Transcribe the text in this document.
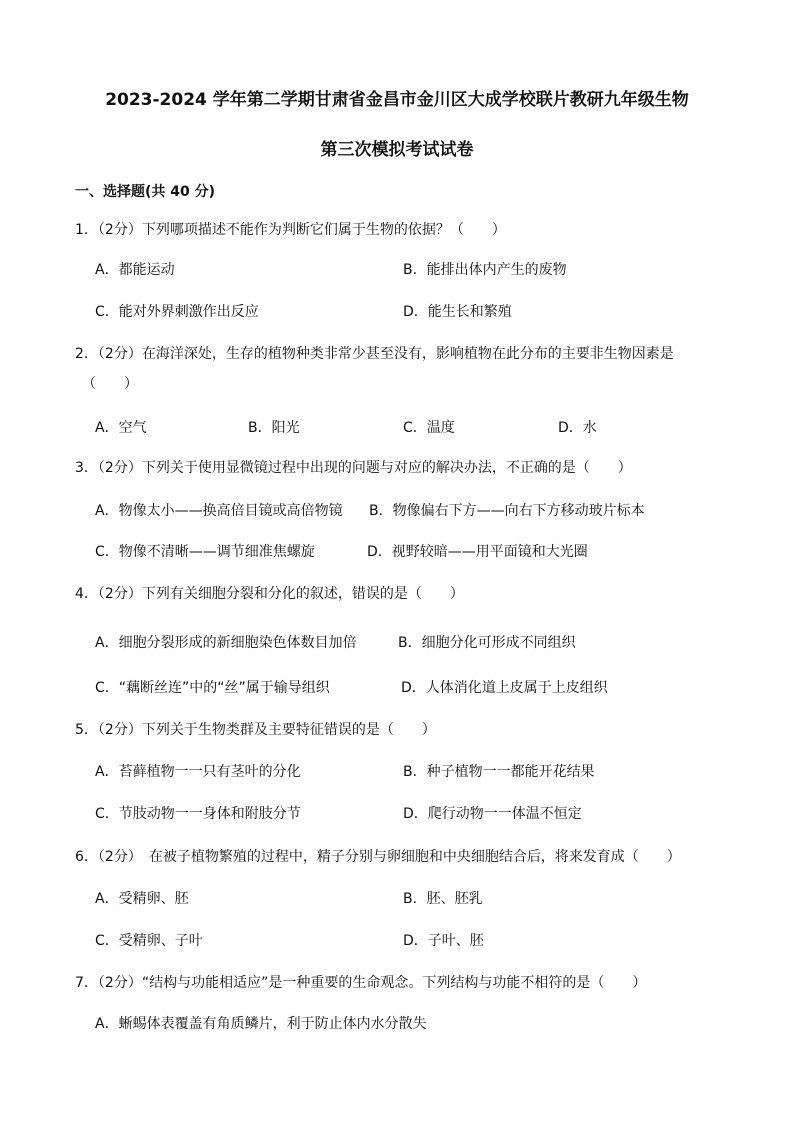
2023-2024 学年第二学期甘肃省金昌市金川区大成学校联片教研九年级生物
第三次模拟考试试卷
一、选择题(共 40 分)
1．（2分）下列哪项描述不能作为判断它们属于生物的依据？（　　）
A．都能运动	B．能排出体内产生的废物
C．能对外界刺激作出反应	D．能生长和繁殖
2．（2分）在海洋深处，生存的植物种类非常少甚至没有，影响植物在此分布的主要非生物因素是
（　　）
A．空气	B．阳光	C．温度	D．水
3．（2分）下列关于使用显微镜过程中出现的问题与对应的解决办法，不正确的是（　　）
A．物像太小——换高倍目镜或高倍物镜 B．物像偏右下方——向右下方移动玻片标本
C．物像不清晰——调节细准焦螺旋	D．视野较暗——用平面镜和大光圈
4．（2分）下列有关细胞分裂和分化的叙述，错误的是（　　）
A．细胞分裂形成的新细胞染色体数目加倍	B．细胞分化可形成不同组织
C．“藕断丝连”中的“丝”属于输导组织	D．人体消化道上皮属于上皮组织
5．（2分）下列关于生物类群及主要特征错误的是（　　）
A．苔藓植物一一只有茎叶的分化	B．种子植物一一都能开花结果
C．节肢动物一一身体和附肢分节	D．爬行动物一一体温不恒定
6．（2分）　在被子植物繁殖的过程中，精子分别与卵细胞和中央细胞结合后，将来发育成（　　）
A．受精卵、胚	B．胚、胚乳
C．受精卵、子叶	D．子叶、胚
7．（2分）“结构与功能相适应”是一种重要的生命观念。下列结构与功能不相符的是（　　）
A．蜥蜴体表覆盖有角质鳞片，利于防止体内水分散失
